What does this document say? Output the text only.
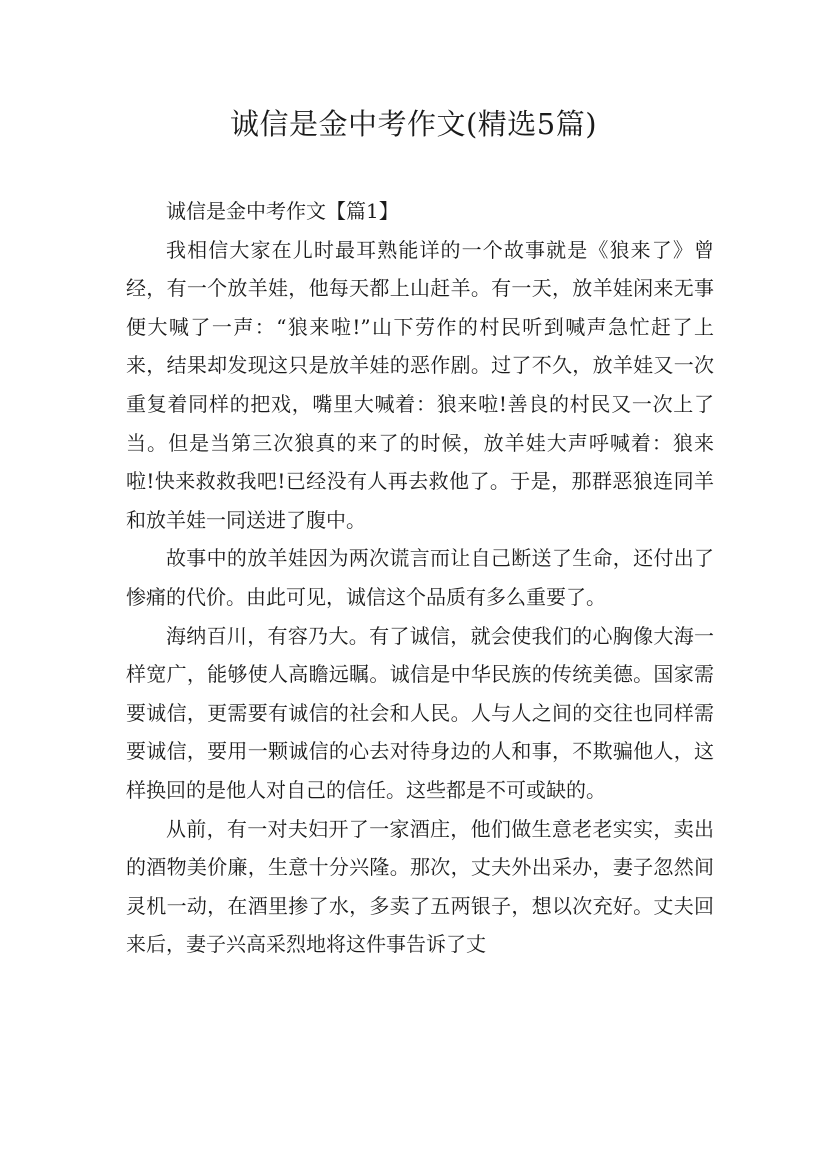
诚信是金中考作文(精选5篇)

诚信是金中考作文【篇1】

我相信大家在儿时最耳熟能详的一个故事就是《狼来了》曾经，有一个放羊娃，他每天都上山赶羊。有一天，放羊娃闲来无事便大喊了一声：“狼来啦!”山下劳作的村民听到喊声急忙赶了上来，结果却发现这只是放羊娃的恶作剧。过了不久，放羊娃又一次重复着同样的把戏，嘴里大喊着：狼来啦!善良的村民又一次上了当。但是当第三次狼真的来了的时候，放羊娃大声呼喊着：狼来啦!快来救救我吧!已经没有人再去救他了。于是，那群恶狼连同羊和放羊娃一同送进了腹中。

故事中的放羊娃因为两次谎言而让自己断送了生命，还付出了惨痛的代价。由此可见，诚信这个品质有多么重要了。

海纳百川，有容乃大。有了诚信，就会使我们的心胸像大海一样宽广，能够使人高瞻远瞩。诚信是中华民族的传统美德。国家需要诚信，更需要有诚信的社会和人民。人与人之间的交往也同样需要诚信，要用一颗诚信的心去对待身边的人和事，不欺骗他人，这样换回的是他人对自己的信任。这些都是不可或缺的。

从前，有一对夫妇开了一家酒庄，他们做生意老老实实，卖出的酒物美价廉，生意十分兴隆。那次，丈夫外出采办，妻子忽然间灵机一动，在酒里掺了水，多卖了五两银子，想以次充好。丈夫回来后，妻子兴高采烈地将这件事告诉了丈
